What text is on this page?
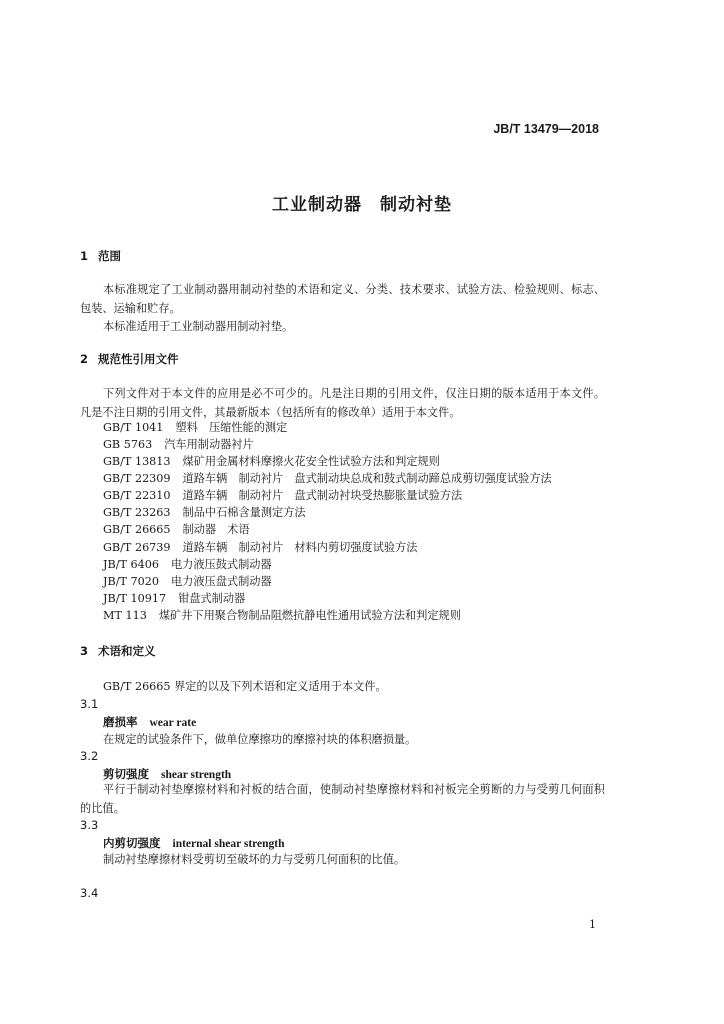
JB/T 13479—2018
工业制动器　制动衬垫
1 范围
本标准规定了工业制动器用制动衬垫的术语和定义、分类、技术要求、试验方法、检验规则、标志、包装、运输和贮存。
本标准适用于工业制动器用制动衬垫。
2 规范性引用文件
下列文件对于本文件的应用是必不可少的。凡是注日期的引用文件，仅注日期的版本适用于本文件。凡是不注日期的引用文件，其最新版本（包括所有的修改单）适用于本文件。
GB/T 1041 塑料　压缩性能的测定
GB 5763 汽车用制动器衬片
GB/T 13813 煤矿用金属材料摩擦火花安全性试验方法和判定规则
GB/T 22309 道路车辆　制动衬片　盘式制动块总成和鼓式制动蹄总成剪切强度试验方法
GB/T 22310 道路车辆　制动衬片　盘式制动衬块受热膨胀量试验方法
GB/T 23263 制品中石棉含量测定方法
GB/T 26665 制动器　术语
GB/T 26739 道路车辆　制动衬片　材料内剪切强度试验方法
JB/T 6406 电力液压鼓式制动器
JB/T 7020 电力液压盘式制动器
JB/T 10917 钳盘式制动器
MT 113 煤矿井下用聚合物制品阻燃抗静电性通用试验方法和判定规则
3 术语和定义
GB/T 26665 界定的以及下列术语和定义适用于本文件。
3.1
磨损率 wear rate
在规定的试验条件下，做单位摩擦功的摩擦衬块的体积磨损量。
3.2
剪切强度 shear strength
平行于制动衬垫摩擦材料和衬板的结合面，使制动衬垫摩擦材料和衬板完全剪断的力与受剪几何面积的比值。
3.3
内剪切强度 internal shear strength
制动衬垫摩擦材料受剪切至破坏的力与受剪几何面积的比值。
3.4
1
